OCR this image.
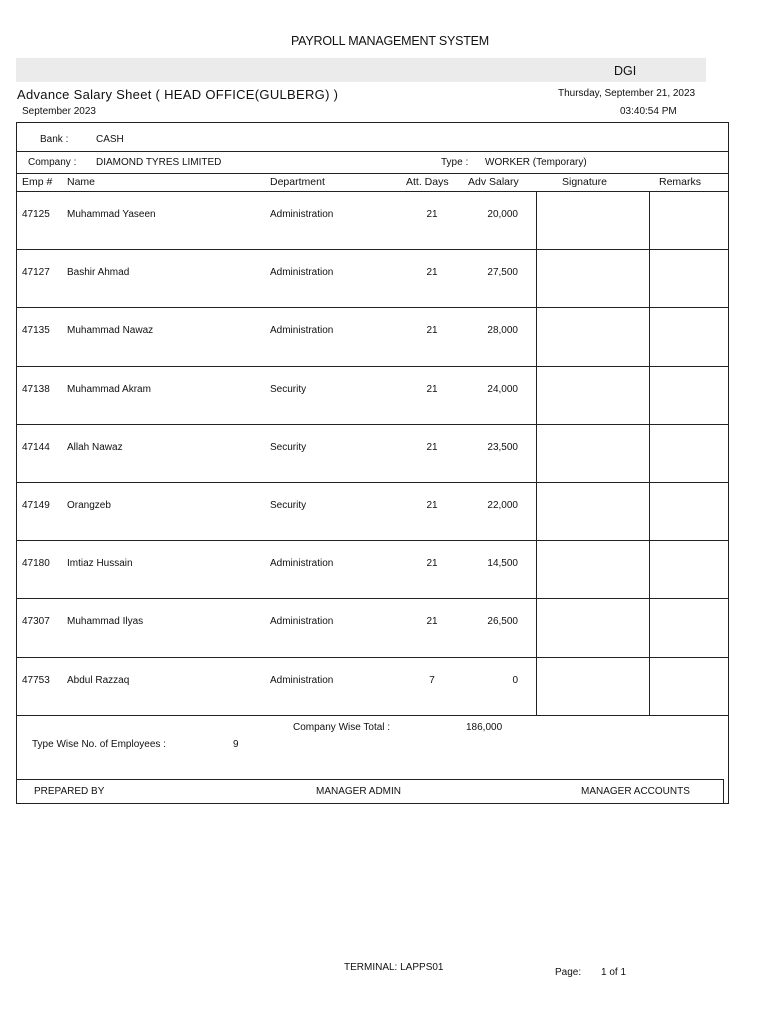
PAYROLL MANAGEMENT SYSTEM
DGI
Advance Salary Sheet ( HEAD OFFICE(GULBERG) )
September 2023
Thursday, September 21, 2023
03:40:54 PM
Bank :	CASH
Company : DIAMOND TYRES LIMITED	Type : WORKER (Temporary)
Emp # Name	Department	Att. Days Adv Salary	Signature	Remarks
47125 Muhammad Yaseen	Administration	21	20,000
47127 Bashir Ahmad	Administration	21	27,500
47135 Muhammad Nawaz	Administration	21	28,000
47138 Muhammad Akram	Security	21	24,000
47144 Allah Nawaz	Security	21	23,500
47149 Orangzeb	Security	21	22,000
47180 Imtiaz Hussain	Administration	21	14,500
47307 Muhammad Ilyas	Administration	21	26,500
47753 Abdul Razzaq	Administration	7	0
Company Wise Total :	186,000
Type Wise No. of Employees :	9
PREPARED BY	MANAGER ADMIN	MANAGER ACCOUNTS
TERMINAL: LAPPS01	Page: 1 of 1
